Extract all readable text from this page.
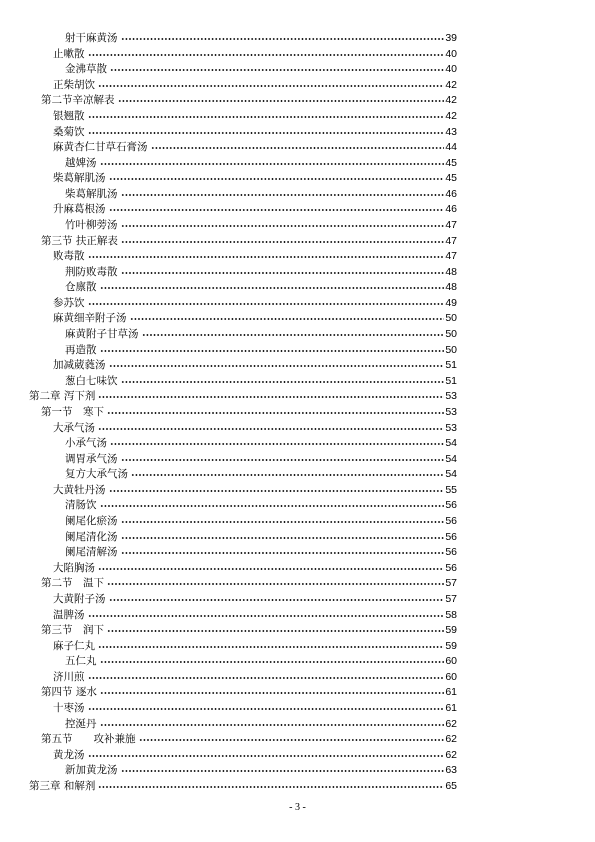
射干麻黄汤	39
止嗽散	40
金沸草散	40
正柴胡饮	42
第二节辛凉解表	42
银翘散	42
桑菊饮	43
麻黄杏仁甘草石膏汤	44
越婢汤	45
柴葛解肌汤	45
柴葛解肌汤	46
升麻葛根汤	46
竹叶柳蒡汤	47
第三节 扶正解表	47
败毒散	47
荆防败毒散	48
仓廪散	48
参苏饮	49
麻黄细辛附子汤	50
麻黄附子甘草汤	50
再造散	50
加减葳蕤汤	51
葱白七味饮	51
第二章 泻下剂	53
第一节　寒下	53
大承气汤	53
小承气汤	54
调胃承气汤	54
复方大承气汤	54
大黄牡丹汤	55
清肠饮	56
阑尾化瘀汤	56
阑尾清化汤	56
阑尾清解汤	56
大陷胸汤	56
第二节　温下	57
大黄附子汤	57
温脾汤	58
第三节　润下	59
麻子仁丸	59
五仁丸	60
济川煎	60
第四节 逐水	61
十枣汤	61
控涎丹	62
第五节　　攻补兼施	62
黄龙汤	62
新加黄龙汤	63
第三章 和解剂	65
- 3 -
